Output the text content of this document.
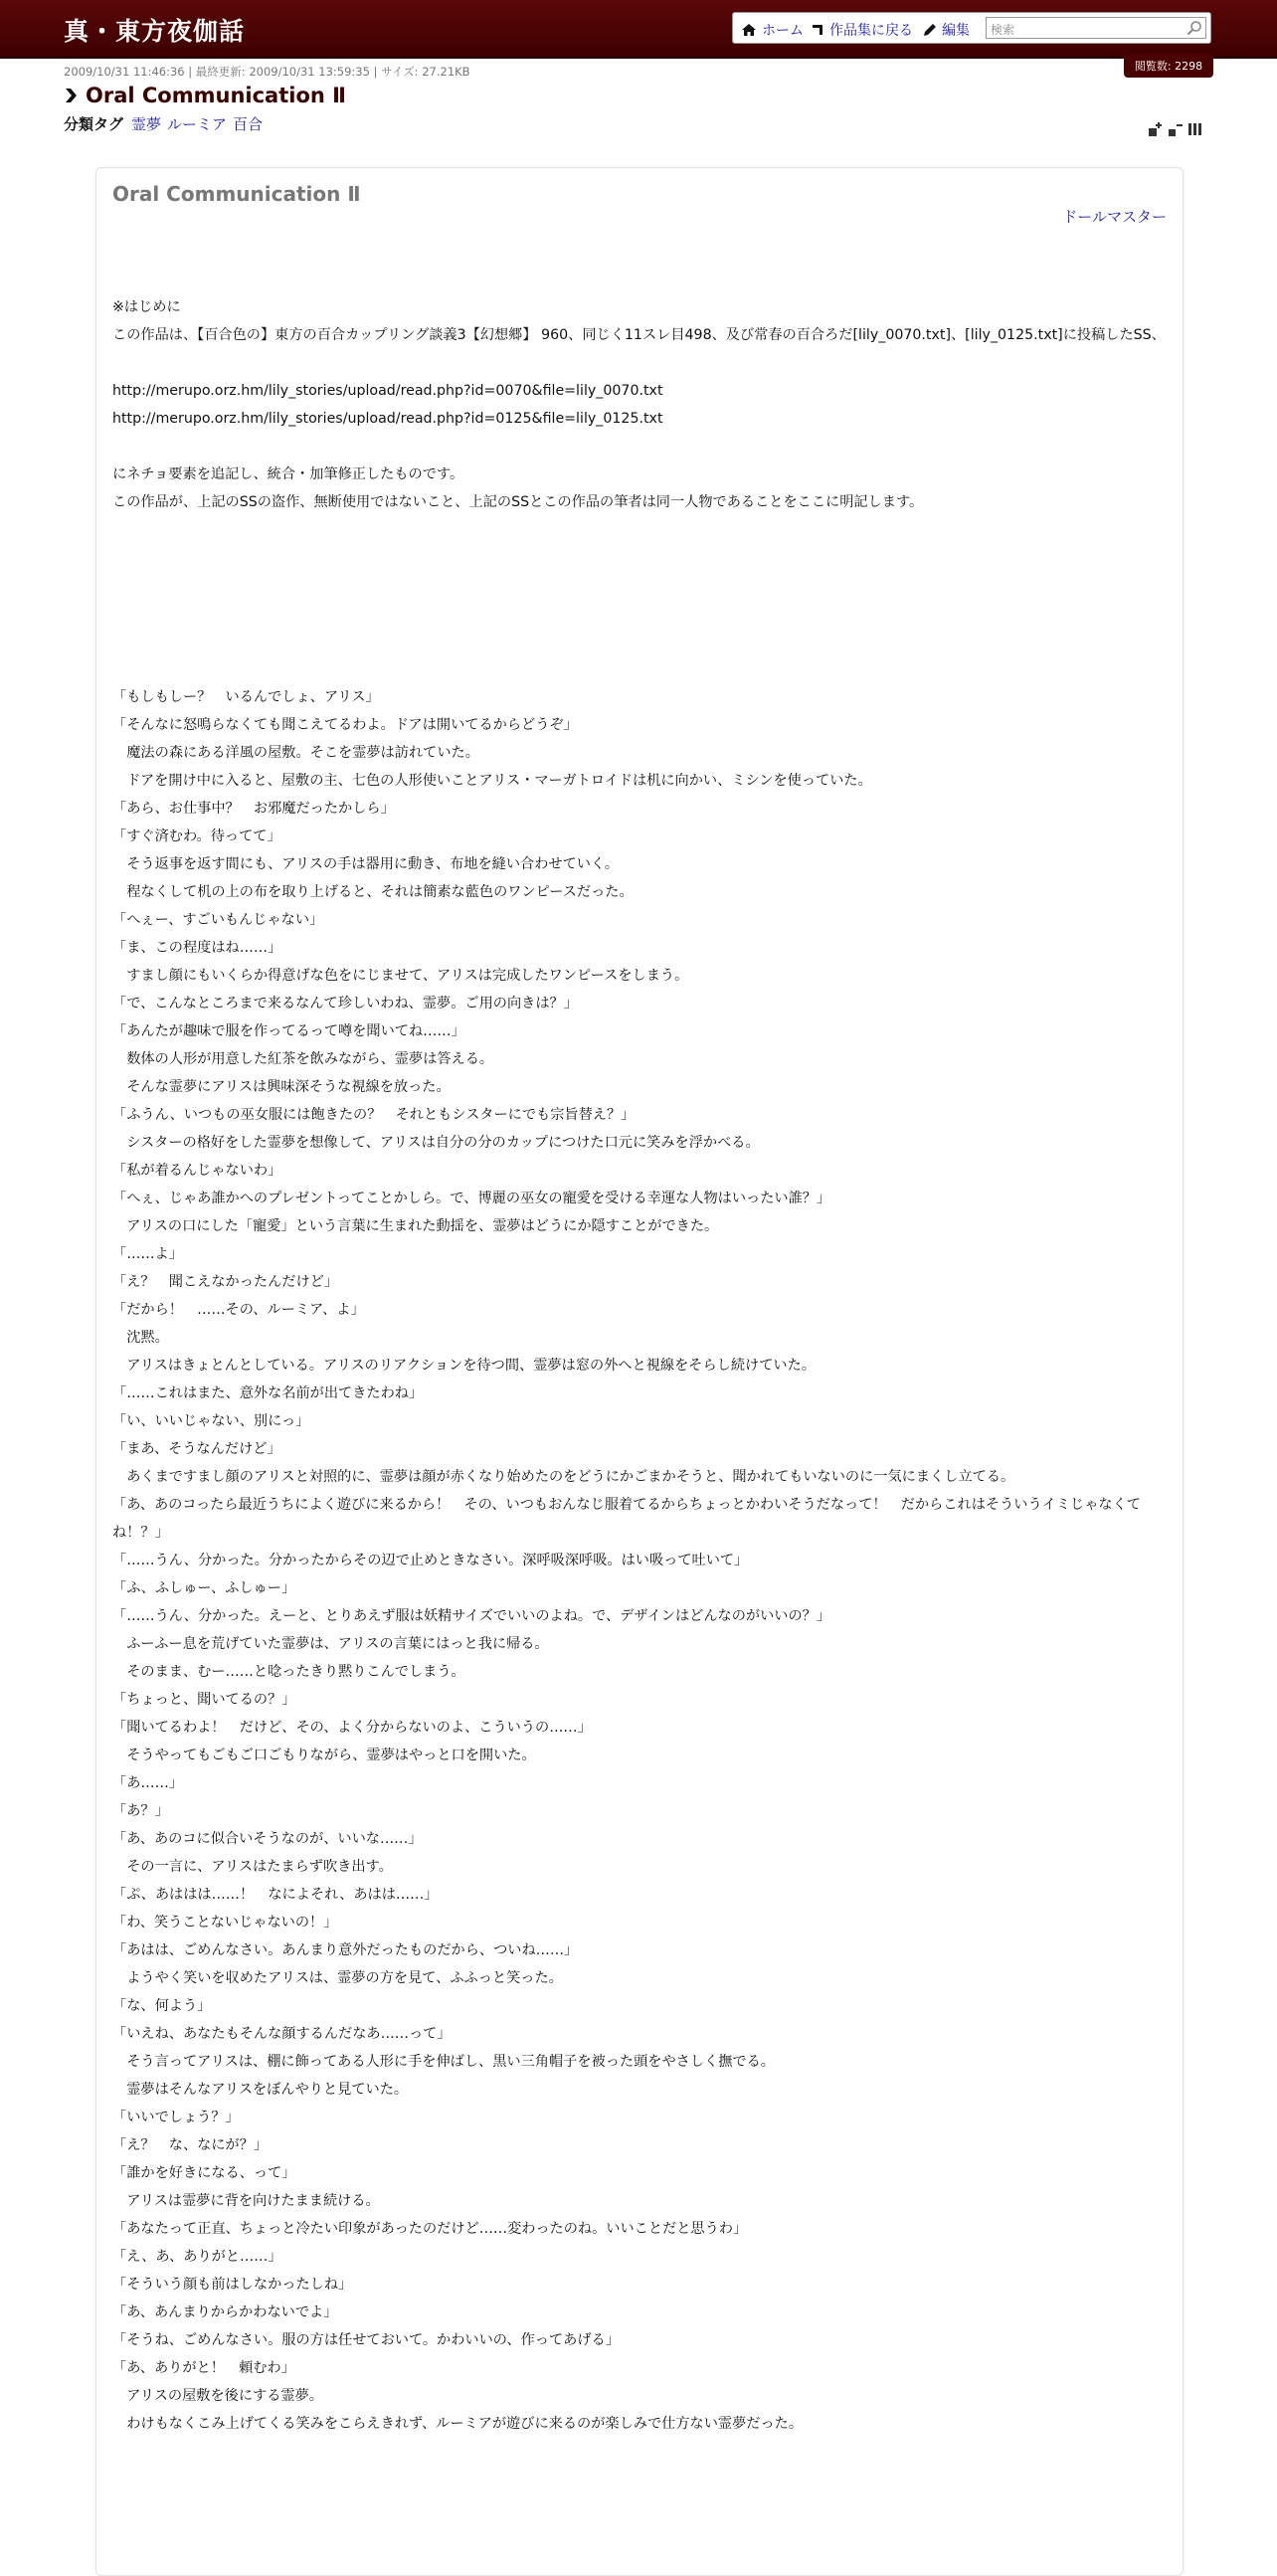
真・東方夜伽話	ホーム 作品集に戻る 編集 検索
閲覧数: 2298
2009/10/31 11:46:36 | 最終更新: 2009/10/31 13:59:35 | サイズ: 27.21KB
Oral Communication Ⅱ
分類タグ 霊夢 ルーミア 百合
Oral Communication Ⅱ
ドールマスター

※はじめに
この作品は、【百合色の】東方の百合カップリング談義3【幻想郷】 960、同じく11スレ目498、及び常春の百合ろだ[lily_0070.txt]、[lily_0125.txt]に投稿したSS、

http://merupo.orz.hm/lily_stories/upload/read.php?id=0070&file=lily_0070.txt
http://merupo.orz.hm/lily_stories/upload/read.php?id=0125&file=lily_0125.txt

にネチョ要素を追記し、統合・加筆修正したものです。
この作品が、上記のSSの盗作、無断使用ではないこと、上記のSSとこの作品の筆者は同一人物であることをここに明記します。

「もしもしー？　いるんでしょ、アリス」
「そんなに怒鳴らなくても聞こえてるわよ。ドアは開いてるからどうぞ」
　魔法の森にある洋風の屋敷。そこを霊夢は訪れていた。
　ドアを開け中に入ると、屋敷の主、七色の人形使いことアリス・マーガトロイドは机に向かい、ミシンを使っていた。
「あら、お仕事中？　お邪魔だったかしら」
「すぐ済むわ。待ってて」
　そう返事を返す間にも、アリスの手は器用に動き、布地を縫い合わせていく。
　程なくして机の上の布を取り上げると、それは簡素な藍色のワンピースだった。
「へぇー、すごいもんじゃない」
「ま、この程度はね……」
　すまし顔にもいくらか得意げな色をにじませて、アリスは完成したワンピースをしまう。
「で、こんなところまで来るなんて珍しいわね、霊夢。ご用の向きは？」
「あんたが趣味で服を作ってるって噂を聞いてね……」
　数体の人形が用意した紅茶を飲みながら、霊夢は答える。
　そんな霊夢にアリスは興味深そうな視線を放った。
「ふうん、いつもの巫女服には飽きたの？　それともシスターにでも宗旨替え？」
　シスターの格好をした霊夢を想像して、アリスは自分の分のカップにつけた口元に笑みを浮かべる。
「私が着るんじゃないわ」
「へぇ、じゃあ誰かへのプレゼントってことかしら。で、博麗の巫女の寵愛を受ける幸運な人物はいったい誰？」
　アリスの口にした「寵愛」という言葉に生まれた動揺を、霊夢はどうにか隠すことができた。
「……よ」
「え？　聞こえなかったんだけど」
「だから！　……その、ルーミア、よ」
　沈黙。
　アリスはきょとんとしている。アリスのリアクションを待つ間、霊夢は窓の外へと視線をそらし続けていた。
「……これはまた、意外な名前が出てきたわね」
「い、いいじゃない、別にっ」
「まあ、そうなんだけど」
　あくまですまし顔のアリスと対照的に、霊夢は顔が赤くなり始めたのをどうにかごまかそうと、聞かれてもいないのに一気にまくし立てる。
「あ、あのコったら最近うちによく遊びに来るから！　その、いつもおんなじ服着てるからちょっとかわいそうだなって！　だからこれはそういうイミじゃなくてね！？」
「……うん、分かった。分かったからその辺で止めときなさい。深呼吸深呼吸。はい吸って吐いて」
「ふ、ふしゅー、ふしゅー」
「……うん、分かった。えーと、とりあえず服は妖精サイズでいいのよね。で、デザインはどんなのがいいの？」
　ふーふー息を荒げていた霊夢は、アリスの言葉にはっと我に帰る。
　そのまま、むー……と唸ったきり黙りこんでしまう。
「ちょっと、聞いてるの？」
「聞いてるわよ！　だけど、その、よく分からないのよ、こういうの……」
　そうやってもごもご口ごもりながら、霊夢はやっと口を開いた。
「あ……」
「あ？」
「あ、あのコに似合いそうなのが、いいな……」
　その一言に、アリスはたまらず吹き出す。
「ぷ、あははは……！　なによそれ、あはは……」
「わ、笑うことないじゃないの！」
「あはは、ごめんなさい。あんまり意外だったものだから、ついね……」
　ようやく笑いを収めたアリスは、霊夢の方を見て、ふふっと笑った。
「な、何よう」
「いえね、あなたもそんな顔するんだなあ……って」
　そう言ってアリスは、棚に飾ってある人形に手を伸ばし、黒い三角帽子を被った頭をやさしく撫でる。
　霊夢はそんなアリスをぼんやりと見ていた。
「いいでしょう？」
「え？　な、なにが？」
「誰かを好きになる、って」
　アリスは霊夢に背を向けたまま続ける。
「あなたって正直、ちょっと冷たい印象があったのだけど……変わったのね。いいことだと思うわ」
「え、あ、ありがと……」
「そういう顔も前はしなかったしね」
「あ、あんまりからかわないでよ」
「そうね、ごめんなさい。服の方は任せておいて。かわいいの、作ってあげる」
「あ、ありがと！　頼むわ」
　アリスの屋敷を後にする霊夢。
　わけもなくこみ上げてくる笑みをこらえきれず、ルーミアが遊びに来るのが楽しみで仕方ない霊夢だった。
